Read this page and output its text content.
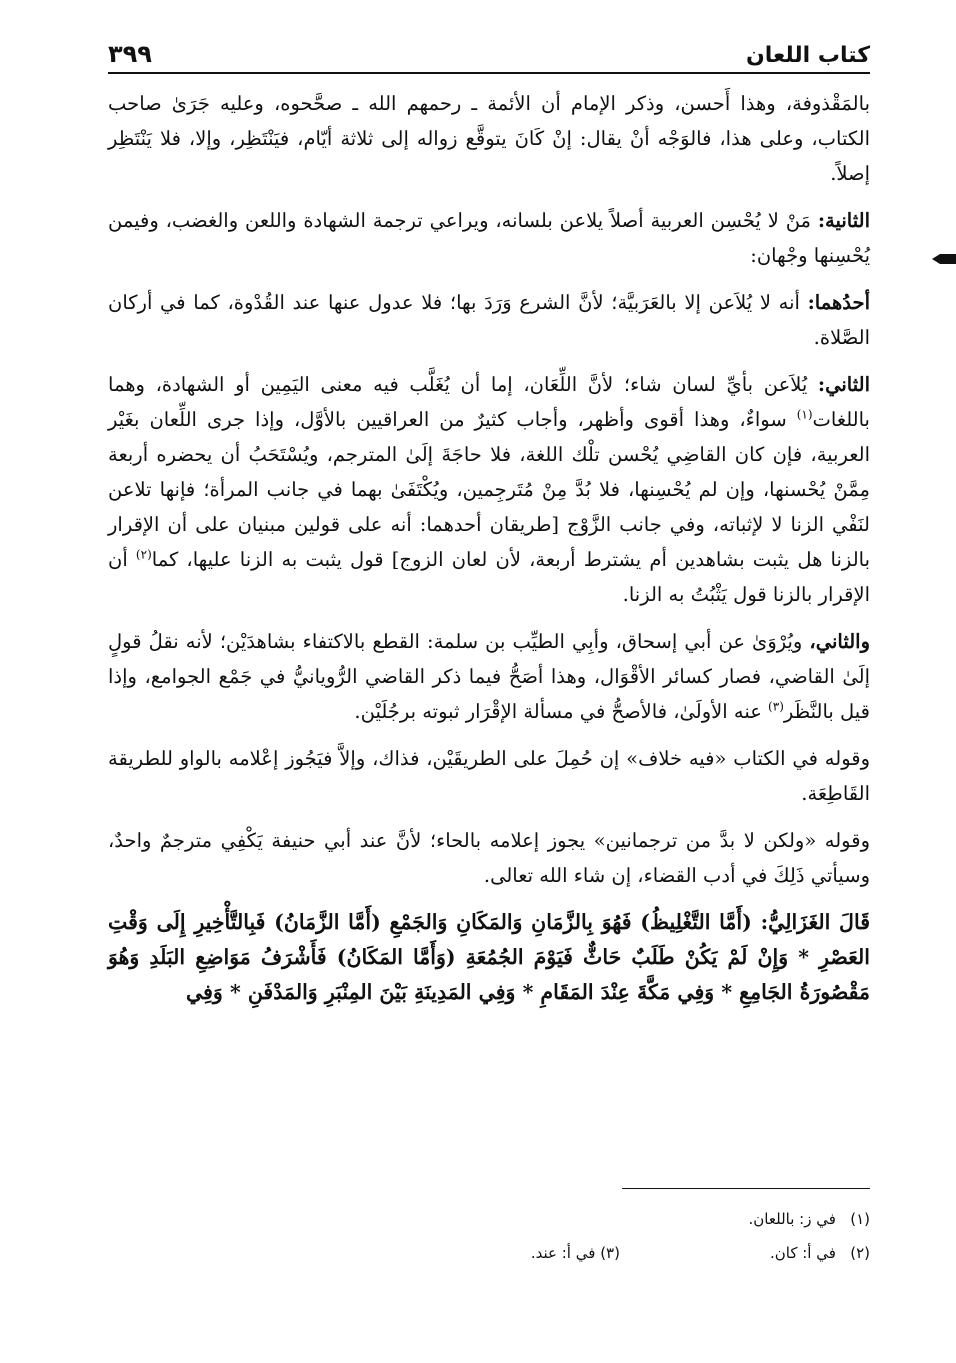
كتاب اللعان
٣٩٩

بالمَقْذوفة، وهذا أَحسن، وذكر الإمام أن الأئمة ـ رحمهم الله ـ صحَّحوه، وعليه جَرَىٰ صاحب الكتاب، وعلى هذا، فالوَجْه أنْ يقال: إنْ كَانَ يتوقَّع زواله إلى ثلاثة أيّام، فيَنْتَظِر، وإلا، فلا يَنْتَظِر إصلاً.

الثانية: مَنْ لا يُحْسِن العربية أصلاً يلاعن بلسانه، ويراعي ترجمة الشهادة واللعن والغضب، وفيمن يُحْسِنها وجْهان:

أحدُهما: أنه لا يُلاَعن إلا بالعَرَبيَّة؛ لأنَّ الشرع وَرَدَ بها؛ فلا عدول عنها عند القُدْوة، كما في أركان الصَّلاة.

الثاني: يُلاَعن بأيِّ لسان شاء؛ لأنَّ اللِّعَان، إما أن يُغَلَّب فيه معنى اليَمِين أو الشهادة، وهما باللغات$^{(١)}$ سواءٌ، وهذا أقوى وأظهر، وأجاب كثيرٌ من العراقيين بالأوَّل، وإذا جرى اللِّعان بغَيْر العربية، فإن كان القاضِي يُحْسن تلْك اللغة، فلا حاجَةَ إلَىٰ المترجم، ويُسْتَحَبُ أن يحضره أربعة مِمَّنْ يُحْسنها، وإن لم يُحْسِنها، فلا بُدَّ مِنْ مُتَرجِمين، ويُكْتَفَىٰ بهما في جانب المرأة؛ فإنها تلاعن لنَفْي الزنا لا لإثباته، وفي جانب الزَّوْج [طريقان أحدهما: أنه على قولين مبنيان على أن الإقرار بالزنا هل يثبت بشاهدين أم يشترط أربعة، لأن لعان الزوج] قول يثبت به الزنا عليها، كما$^{(٢)}$ أن الإقرار بالزنا قول يَثْبُتُ به الزنا.

والثاني، ويُرْوَىٰ عن أبي إسحاق، وأبِي الطيِّب بن سلمة: القطع بالاكتفاء بشاهدَيْن؛ لأنه نقلُ قولٍ إلَىٰ القاضي، فصار كسائر الأقْوَال، وهذا أصَحُّ فيما ذكر القاضي الرُّويانيُّ في جَمْع الجوامع، وإذا قيل بالنَّظَر$^{(٣)}$ عنه الأولَىٰ، فالأصحُّ في مسألة الإقْرَار ثبوته برجُلَيْن.

وقوله في الكتاب «فيه خلاف» إن حُمِلَ على الطريقَيْن، فذاك، وإلاَّ فيَجُوز إعْلامه بالواو للطريقة القَاطِعَة.

وقوله «ولكن لا بدَّ من ترجمانين» يجوز إعلامه بالحاء؛ لأنَّ عند أبي حنيفة يَكْفِي مترجمٌ واحدٌ، وسيأتي ذَلِكَ في أدب القضاء، إن شاء الله تعالى.

قَالَ الغَزَالِيُّ: (أَمَّا التَّغْلِيظُ) فَهُوَ بِالزَّمَانِ وَالمَكَانِ وَالجَمْعِ (أَمَّا الزَّمَانُ) فَبِالتَّأْخِيرِ إِلَى وَقْتِ العَصْرِ * وَإِنْ لَمْ يَكُنْ طَلَبٌ حَاثٌّ فَيَوْمَ الجُمُعَةِ (وَأَمَّا المَكَانُ) فَأَشْرَفُ مَوَاضِعِ البَلَدِ وَهُوَ مَقْصُورَةُ الجَامِعِ * وَفِي مَكَّةَ عِنْدَ المَقَامِ * وَفِي المَدِينَةِ بَيْنَ المِنْبَرِ وَالمَدْفَنِ * وَفِي

(١)   في ز: باللعان.
(٢)   في أ: كان.
(٣) في أ: عند.
